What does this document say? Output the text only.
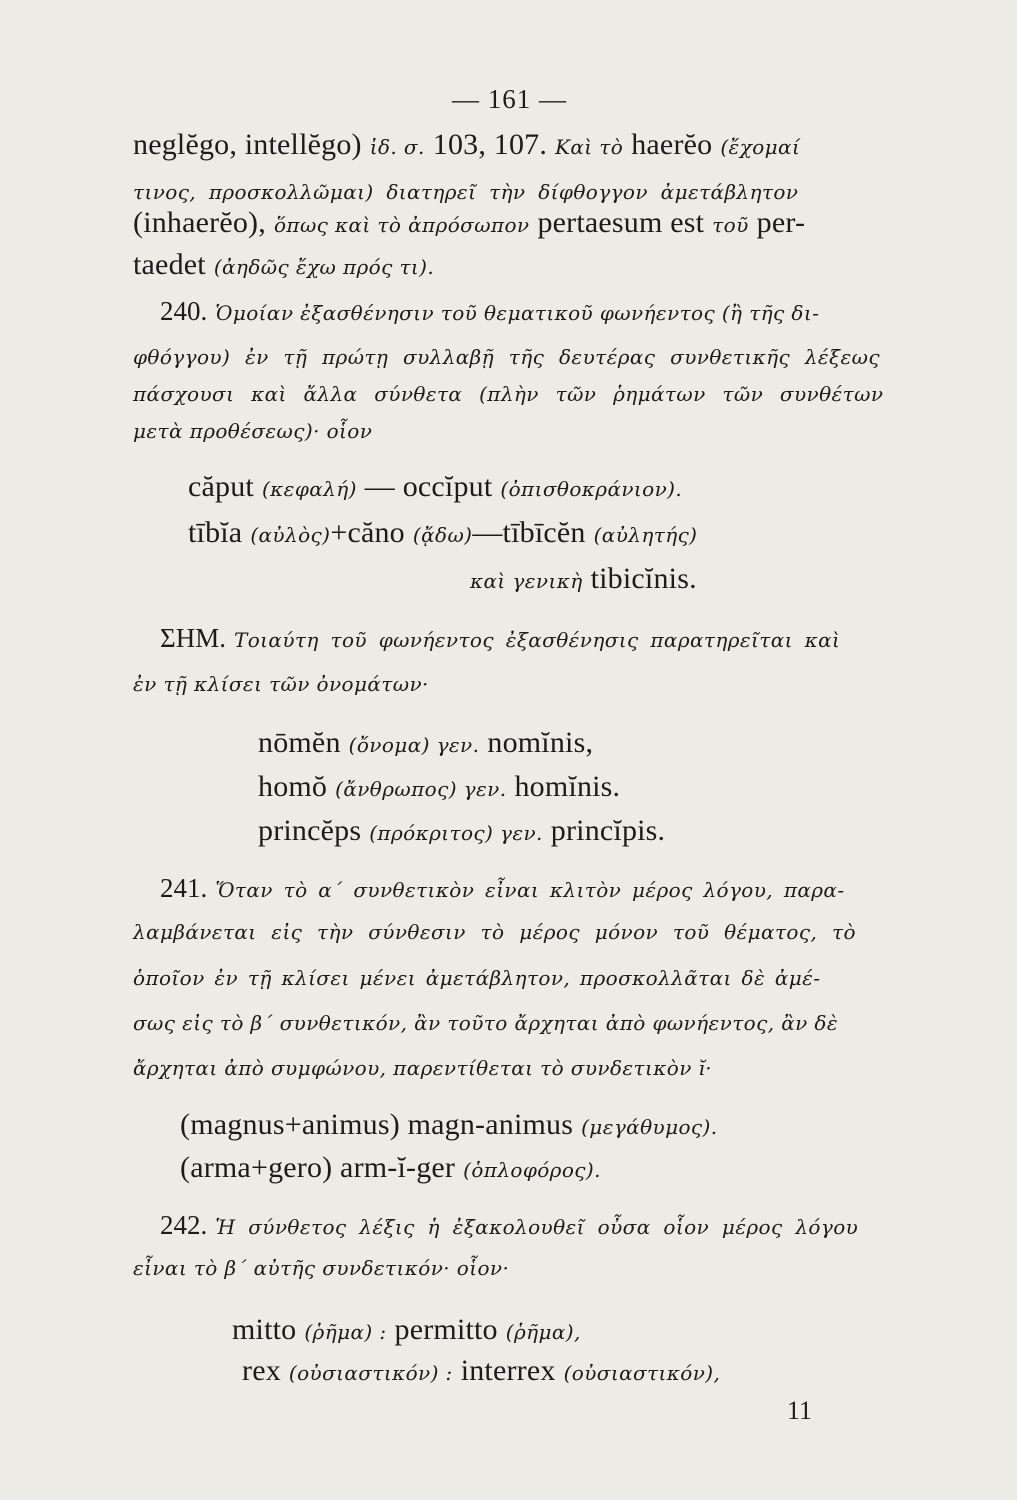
— 161 —
neglĕgo, intellĕgo) ἰδ. σ. 103, 107. Καὶ τὸ haerĕo (ἔχομαί
τινος, προσκολλῶμαι) διατηρεῖ τὴν δίφθογγον ἀμετάβλητον
(inhaerĕo), ὅπως καὶ τὸ ἀπρόσωπον pertaesum est τοῦ per-
taedet (ἀηδῶς ἔχω πρός τι).
240. Ὁμοίαν ἐξασθένησιν τοῦ θεματικοῦ φωνήεντος (ἢ τῆς δι-
φθόγγου) ἐν τῇ πρώτῃ συλλαβῇ τῆς δευτέρας συνθετικῆς λέξεως
πάσχουσι καὶ ἄλλα σύνθετα (πλὴν τῶν ῥημάτων τῶν συνθέτων
μετὰ προθέσεως)· οἷον
căput (κεφαλή) — occĭput (ὀπισθοκράνιον).
tībĭa (αὐλὸς)+căno (ᾄδω)—tībīcĕn (αὐλητής)
καὶ γενικὴ tibicĭnis.
ΣΗΜ. Τοιαύτη τοῦ φωνήεντος ἐξασθένησις παρατηρεῖται καὶ
ἐν τῇ κλίσει τῶν ὀνομάτων·
nōmĕn (ὄνομα) γεν. nomĭnis,
homŏ (ἄνθρωπος) γεν. homĭnis.
princĕps (πρόκριτος) γεν. princĭpis.
241. Ὅταν τὸ α΄ συνθετικὸν εἶναι κλιτὸν μέρος λόγου, παρα-
λαμβάνεται εἰς τὴν σύνθεσιν τὸ μέρος μόνον τοῦ θέματος, τὸ
ὁποῖον ἐν τῇ κλίσει μένει ἀμετάβλητον, προσκολλᾶται δὲ ἀμέ-
σως εἰς τὸ β΄ συνθετικόν, ἂν τοῦτο ἄρχηται ἀπὸ φωνήεντος, ἂν δὲ
ἄρχηται ἀπὸ συμφώνου, παρεντίθεται τὸ συνδετικὸν ĭ·
(magnus+animus) magn-animus (μεγάθυμος).
(arma+gero) arm-ĭ-ger (ὁπλοφόρος).
242. Ἡ σύνθετος λέξις ἡ ἐξακολουθεῖ οὖσα οἷον μέρος λόγου
εἶναι τὸ β΄ αὐτῆς συνδετικόν· οἷον·
mitto (ῥῆμα) : permitto (ῥῆμα),
rex (οὐσιαστικόν) : interrex (οὐσιαστικόν),
11
